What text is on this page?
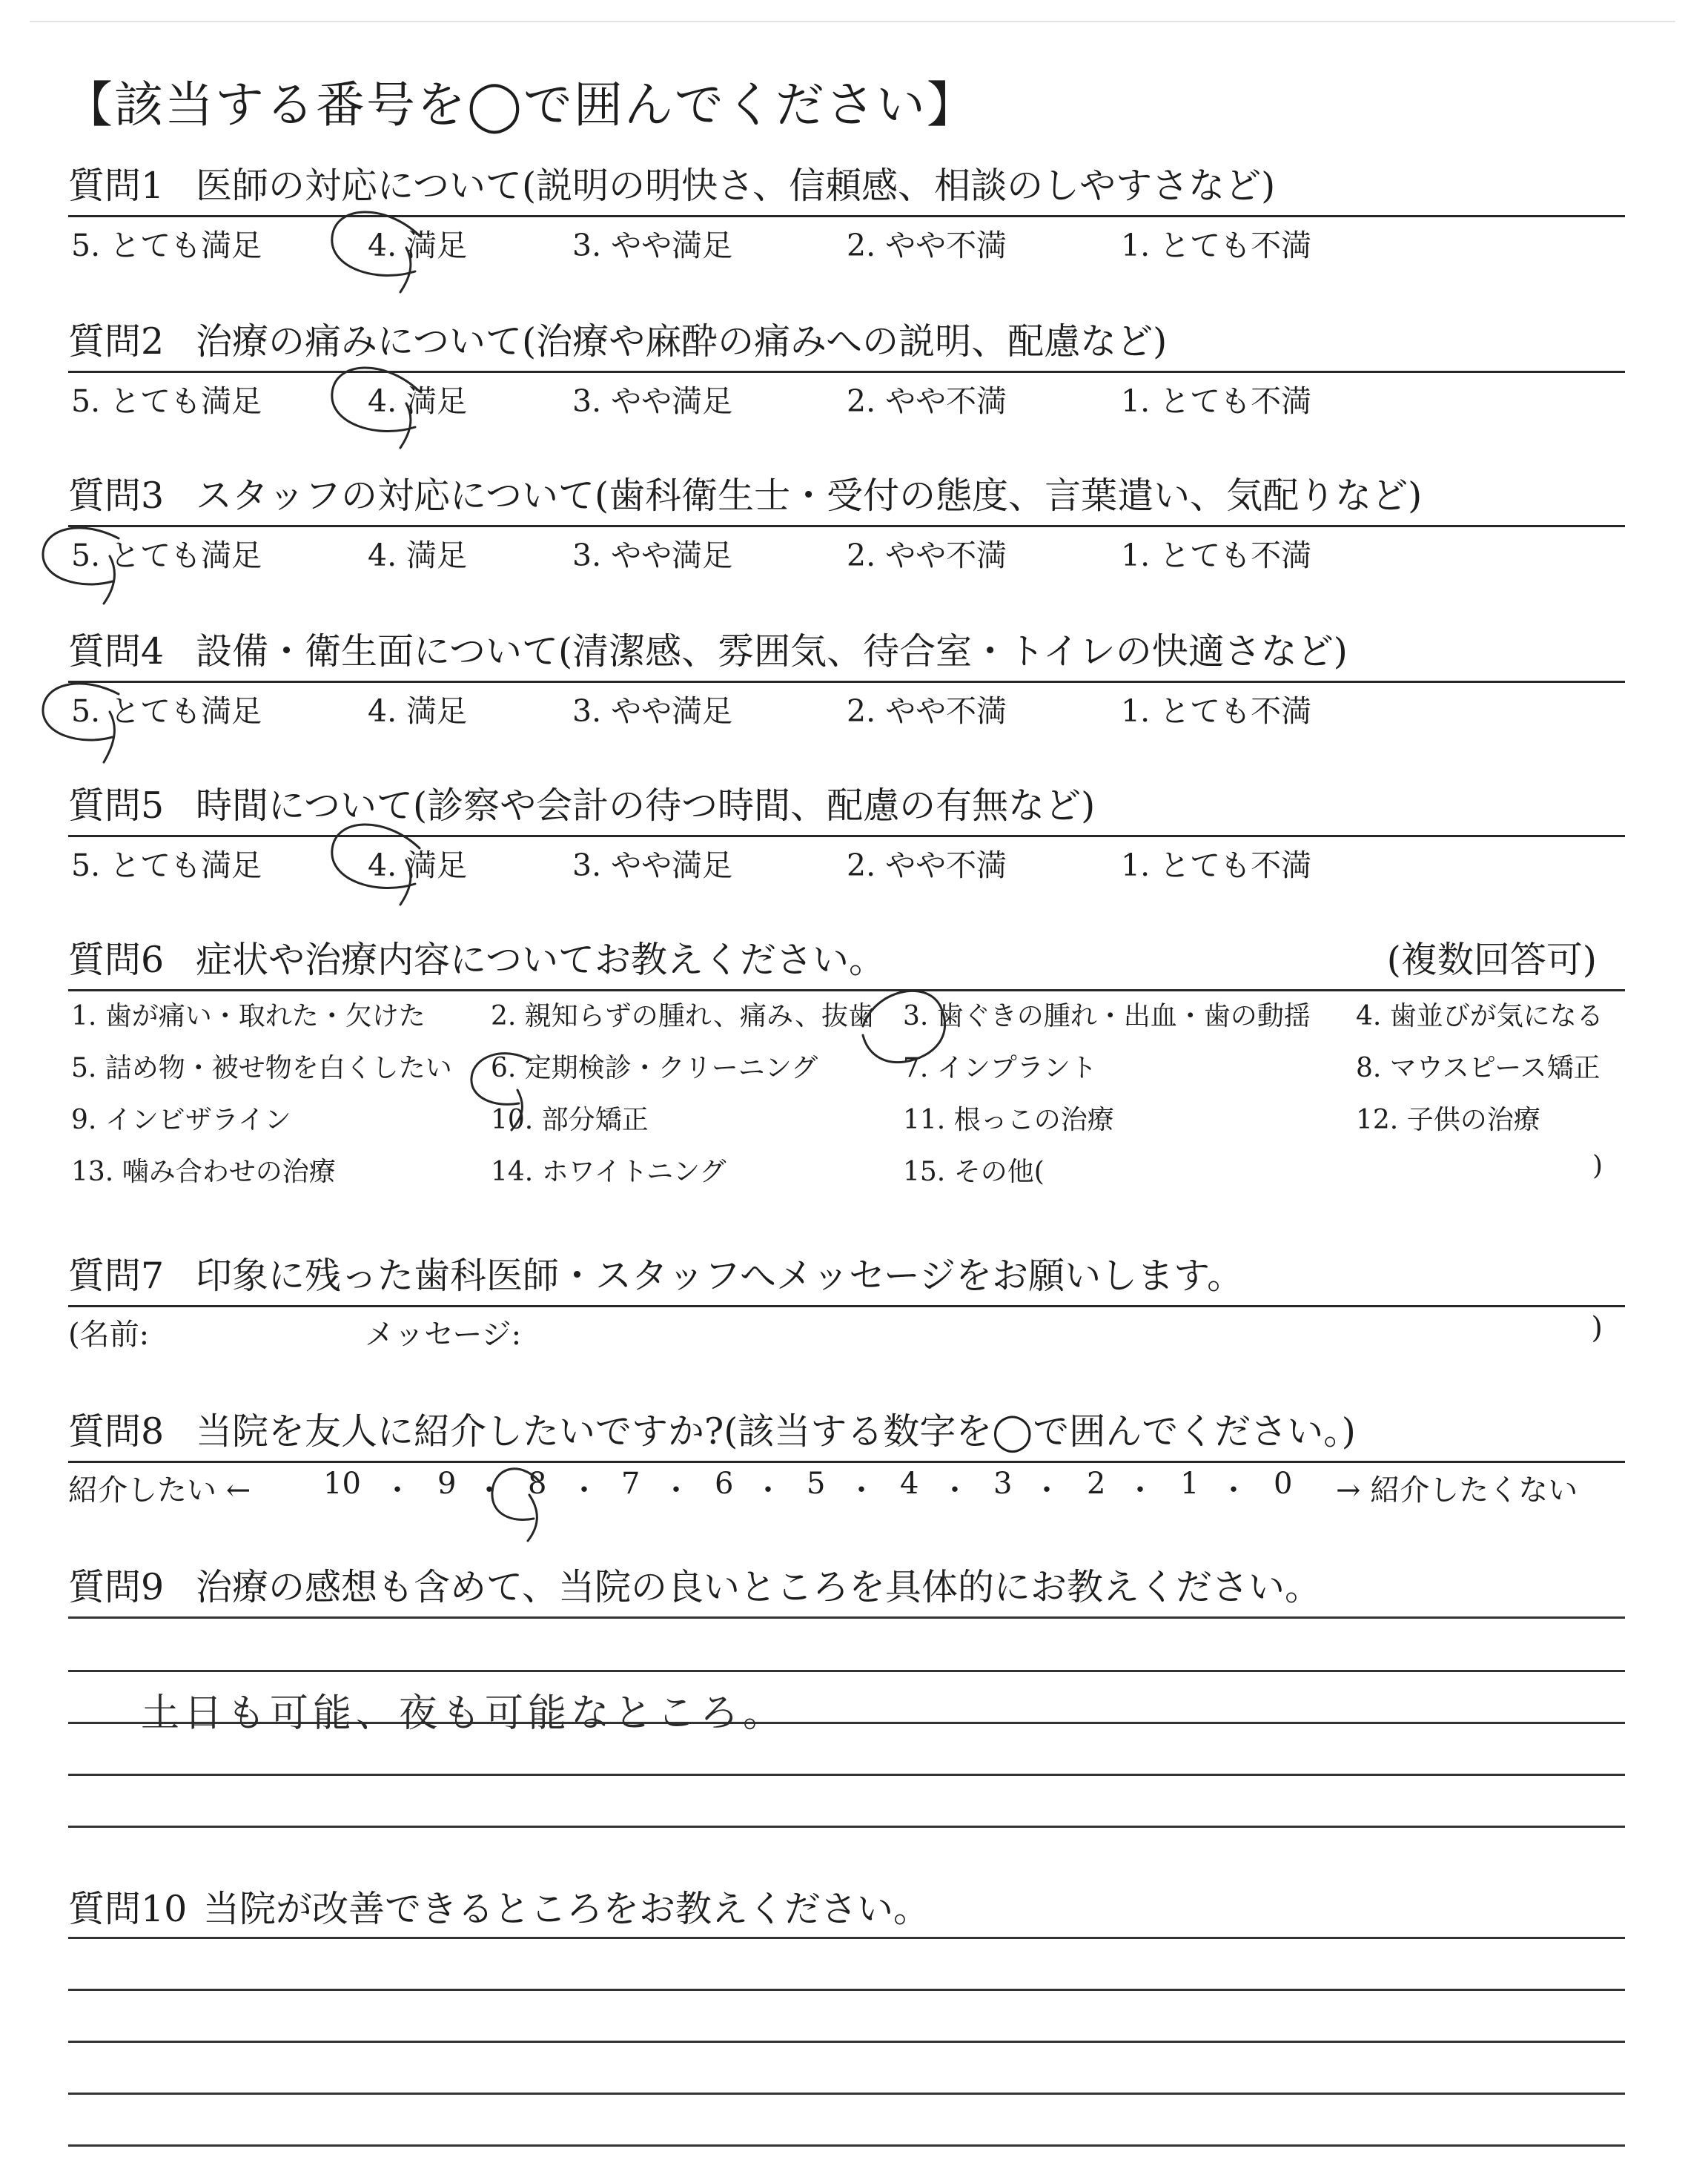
【該当する番号を◯で囲んでください】
質問1 医師の対応について(説明の明快さ、信頼感、相談のしやすさなど)
5. とても満足	4. 満足	3. やや満足	2. やや不満	1. とても不満
質問2 治療の痛みについて(治療や麻酔の痛みへの説明、配慮など)
5. とても満足	4. 満足	3. やや満足	2. やや不満	1. とても不満
質問3 スタッフの対応について(歯科衛生士・受付の態度、言葉遣い、気配りなど)
5. とても満足	4. 満足	3. やや満足	2. やや不満	1. とても不満
質問4 設備・衛生面について(清潔感、雰囲気、待合室・トイレの快適さなど)
5. とても満足	4. 満足	3. やや満足	2. やや不満	1. とても不満
質問5 時間について(診察や会計の待つ時間、配慮の有無など)
5. とても満足	4. 満足	3. やや満足	2. やや不満	1. とても不満
質問6 症状や治療内容についてお教えください。	(複数回答可)
1. 歯が痛い・取れた・欠けた 2. 親知らずの腫れ、痛み、抜歯 3. 歯ぐきの腫れ・出血・歯の動揺 4. 歯並びが気になる
5. 詰め物・被せ物を白くしたい 6. 定期検診・クリーニング	7. インプラント	8. マウスピース矯正
9. インビザライン	10. 部分矯正	11. 根っこの治療	12. 子供の治療
13. 噛み合わせの治療	14. ホワイトニング	15. その他(	)
質問7 印象に残った歯科医師・スタッフへメッセージをお願いします。
(名前:	メッセージ:	)
質問8 当院を友人に紹介したいですか?(該当する数字を◯で囲んでください。)
紹介したい ← 10 ・ 9 ・ 8 ・ 7 ・ 6 ・ 5 ・ 4 ・ 3 ・ 2 ・ 1 ・ 0 → 紹介したくない
質問9 治療の感想も含めて、当院の良いところを具体的にお教えください。
土日も可能、夜も可能なところ。
質問10 当院が改善できるところをお教えください。
